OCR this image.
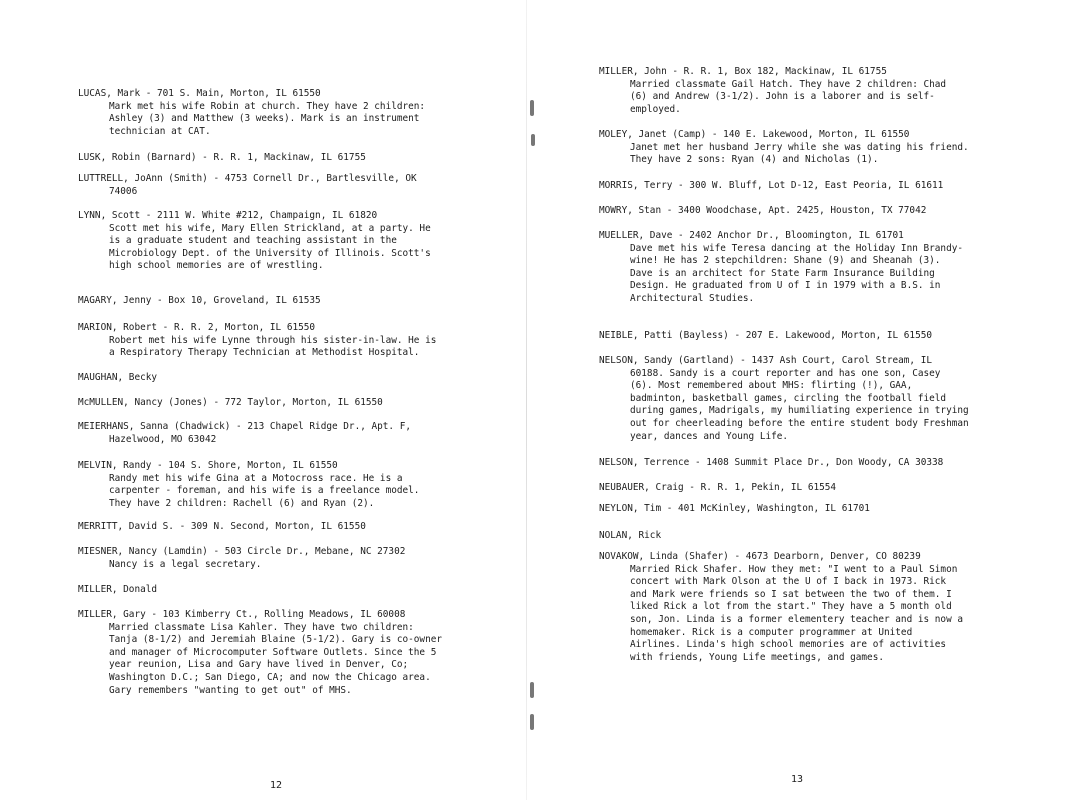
LUCAS, Mark - 701 S. Main, Morton, IL 61550
Mark met his wife Robin at church. They have 2 children:
Ashley (3) and Matthew (3 weeks). Mark is an instrument
technician at CAT.
LUSK, Robin (Barnard) - R. R. 1, Mackinaw, IL 61755
LUTTRELL, JoAnn (Smith) - 4753 Cornell Dr., Bartlesville, OK
74006
LYNN, Scott - 2111 W. White #212, Champaign, IL 61820
Scott met his wife, Mary Ellen Strickland, at a party. He
is a graduate student and teaching assistant in the
Microbiology Dept. of the University of Illinois. Scott's
high school memories are of wrestling.
MAGARY, Jenny - Box 10, Groveland, IL 61535
MARION, Robert - R. R. 2, Morton, IL 61550
Robert met his wife Lynne through his sister-in-law. He is
a Respiratory Therapy Technician at Methodist Hospital.
MAUGHAN, Becky
McMULLEN, Nancy (Jones) - 772 Taylor, Morton, IL 61550
MEIERHANS, Sanna (Chadwick) - 213 Chapel Ridge Dr., Apt. F,
Hazelwood, MO 63042
MELVIN, Randy - 104 S. Shore, Morton, IL 61550
Randy met his wife Gina at a Motocross race. He is a
carpenter - foreman, and his wife is a freelance model.
They have 2 children: Rachell (6) and Ryan (2).
MERRITT, David S. - 309 N. Second, Morton, IL 61550
MIESNER, Nancy (Lamdin) - 503 Circle Dr., Mebane, NC 27302
Nancy is a legal secretary.
MILLER, Donald
MILLER, Gary - 103 Kimberry Ct., Rolling Meadows, IL 60008
Married classmate Lisa Kahler. They have two children:
Tanja (8-1/2) and Jeremiah Blaine (5-1/2). Gary is co-owner
and manager of Microcomputer Software Outlets. Since the 5
year reunion, Lisa and Gary have lived in Denver, Co;
Washington D.C.; San Diego, CA; and now the Chicago area.
Gary remembers "wanting to get out" of MHS.
12
MILLER, John - R. R. 1, Box 182, Mackinaw, IL 61755
Married classmate Gail Hatch. They have 2 children: Chad
(6) and Andrew (3-1/2). John is a laborer and is self-
employed.
MOLEY, Janet (Camp) - 140 E. Lakewood, Morton, IL 61550
Janet met her husband Jerry while she was dating his friend.
They have 2 sons: Ryan (4) and Nicholas (1).
MORRIS, Terry - 300 W. Bluff, Lot D-12, East Peoria, IL 61611
MOWRY, Stan - 3400 Woodchase, Apt. 2425, Houston, TX 77042
MUELLER, Dave - 2402 Anchor Dr., Bloomington, IL 61701
Dave met his wife Teresa dancing at the Holiday Inn Brandy-
wine! He has 2 stepchildren: Shane (9) and Sheanah (3).
Dave is an architect for State Farm Insurance Building
Design. He graduated from U of I in 1979 with a B.S. in
Architectural Studies.
NEIBLE, Patti (Bayless) - 207 E. Lakewood, Morton, IL 61550
NELSON, Sandy (Gartland) - 1437 Ash Court, Carol Stream, IL
60188. Sandy is a court reporter and has one son, Casey
(6). Most remembered about MHS: flirting (!), GAA,
badminton, basketball games, circling the football field
during games, Madrigals, my humiliating experience in trying
out for cheerleading before the entire student body Freshman
year, dances and Young Life.
NELSON, Terrence - 1408 Summit Place Dr., Don Woody, CA 30338
NEUBAUER, Craig - R. R. 1, Pekin, IL 61554
NEYLON, Tim - 401 McKinley, Washington, IL 61701
NOLAN, Rick
NOVAKOW, Linda (Shafer) - 4673 Dearborn, Denver, CO 80239
Married Rick Shafer. How they met: "I went to a Paul Simon
concert with Mark Olson at the U of I back in 1973. Rick
and Mark were friends so I sat between the two of them. I
liked Rick a lot from the start." They have a 5 month old
son, Jon. Linda is a former elementery teacher and is now a
homemaker. Rick is a computer programmer at United
Airlines. Linda's high school memories are of activities
with friends, Young Life meetings, and games.
13
